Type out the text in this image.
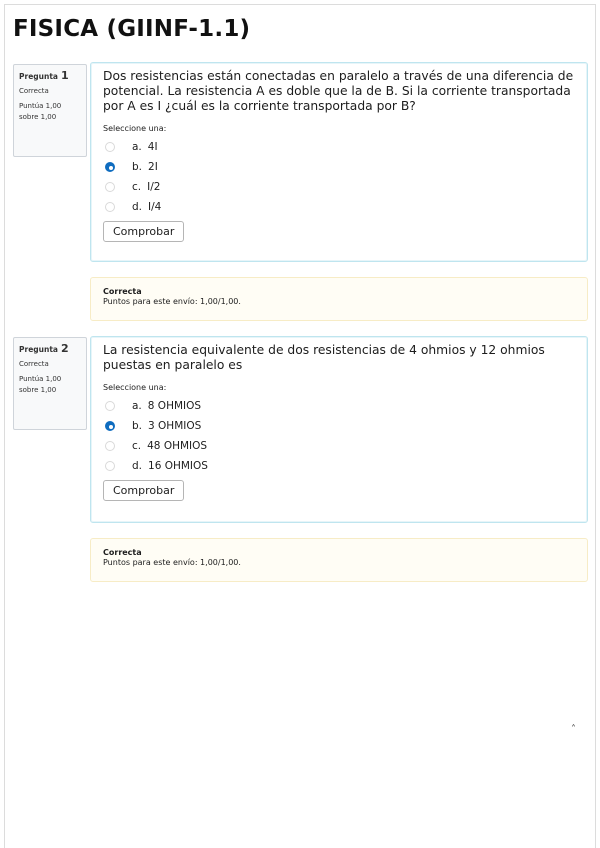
FISICA (GIINF-1.1)
Pregunta 1
Correcta
Puntúa 1,00 sobre 1,00
Dos resistencias están conectadas en paralelo a través de una diferencia de potencial. La resistencia A es doble que la de B. Si la corriente transportada por A es I ¿cuál es la corriente transportada por B?
Seleccione una:
a. 4I
b. 2I
c. I/2
d. I/4
Comprobar
Correcta
Puntos para este envío: 1,00/1,00.
Pregunta 2
Correcta
Puntúa 1,00 sobre 1,00
La resistencia equivalente de dos resistencias de 4 ohmios y 12 ohmios puestas en paralelo es
Seleccione una:
a. 8 OHMIOS
b. 3 OHMIOS
c. 48 OHMIOS
d. 16 OHMIOS
Comprobar
Correcta
Puntos para este envío: 1,00/1,00.
˄
